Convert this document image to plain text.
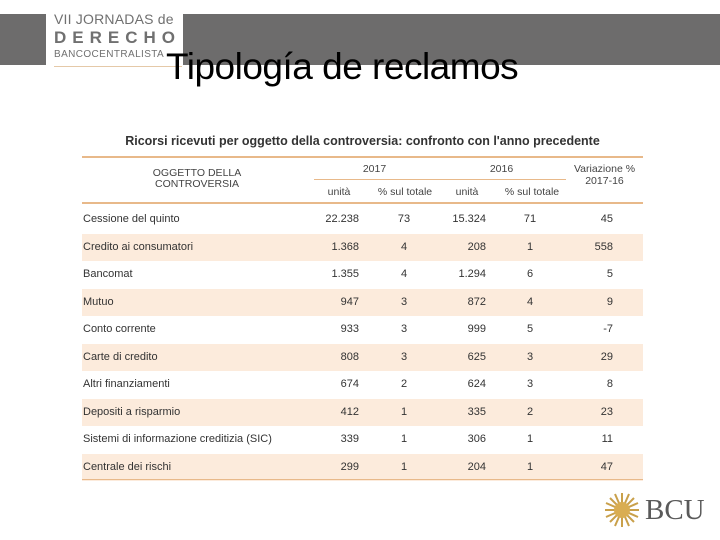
VII JORNADAS de
DERECHO
BANCOCENTRALISTA Tipología de reclamos
Ricorsi ricevuti per oggetto della controversia: confronto con l'anno precedente
OGGETTO DELLA CONTROVERSIA
2017	2016	Variazione % 2017-16
unità	% sul totale	unità	% sul totale
Cessione del quinto	22.238	73	15.324	71	45
Credito ai consumatori	1.368	4	208	1	558
Bancomat	1.355	4	1.294	6	5
Mutuo	947	3	872	4	9
Conto corrente	933	3	999	5	-7
Carte di credito	808	3	625	3	29
Altri finanziamenti	674	2	624	3	8
Depositi a risparmio	412	1	335	2	23
Sistemi di informazione creditizia (SIC)	339	1	306	1	11
Centrale dei rischi	299	1	204	1	47
BCU
